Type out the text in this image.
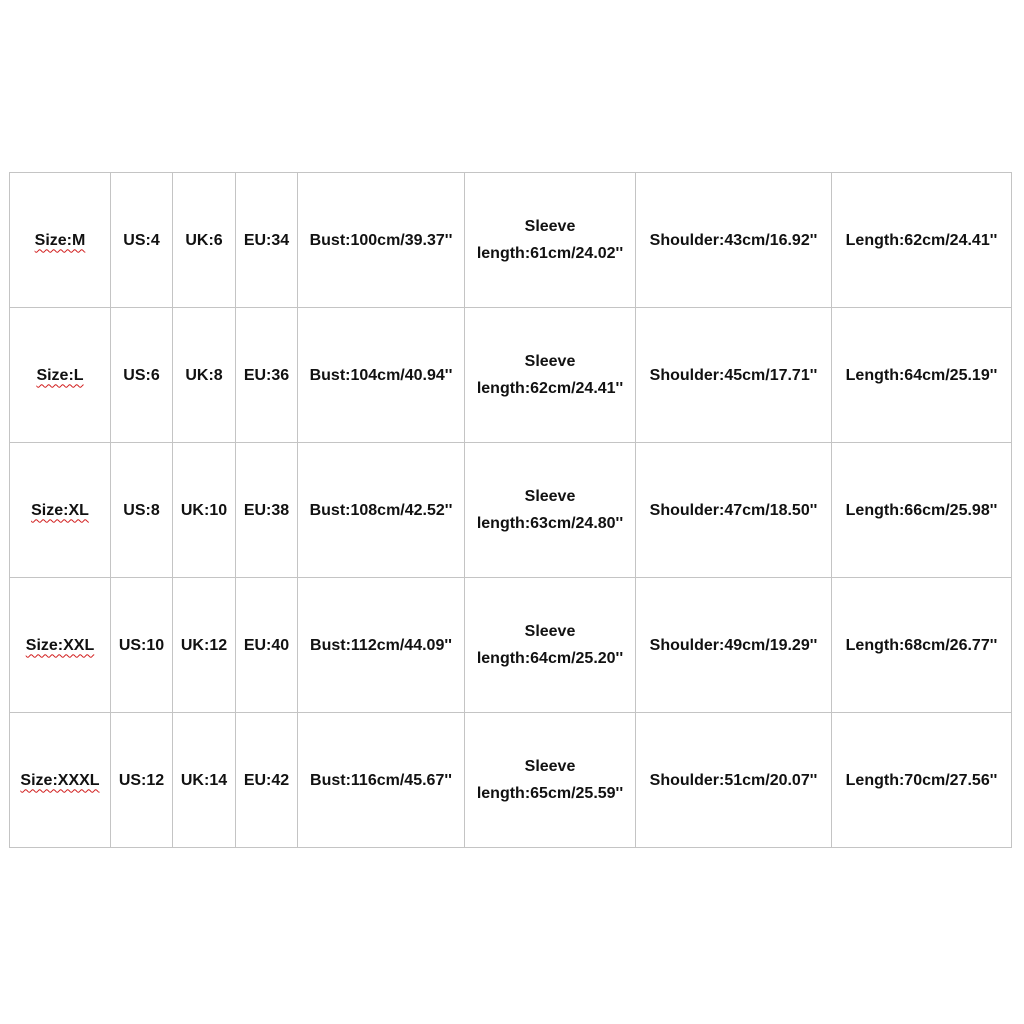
Size:M	US:4	UK:6	EU:34	Bust:100cm/39.37''	Sleeve
length:61cm/24.02''	Shoulder:43cm/16.92''	Length:62cm/24.41''
Size:L	US:6	UK:8	EU:36	Bust:104cm/40.94''	Sleeve
length:62cm/24.41''	Shoulder:45cm/17.71''	Length:64cm/25.19''
Size:XL	US:8	UK:10	EU:38	Bust:108cm/42.52''	Sleeve
length:63cm/24.80''	Shoulder:47cm/18.50''	Length:66cm/25.98''
Size:XXL	US:10	UK:12	EU:40	Bust:112cm/44.09''	Sleeve
length:64cm/25.20''	Shoulder:49cm/19.29''	Length:68cm/26.77''
Size:XXXL	US:12	UK:14	EU:42	Bust:116cm/45.67''	Sleeve
length:65cm/25.59''	Shoulder:51cm/20.07''	Length:70cm/27.56''
